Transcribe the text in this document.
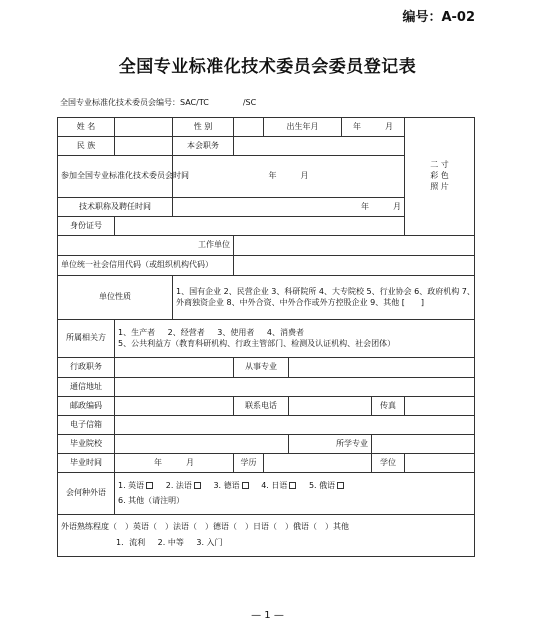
编号：A-02
全国专业标准化技术委员会委员登记表
全国专业标准化技术委员会编号：SAC/TC	/SC
姓 名		性 别		出生年月		年 月		二 寸
彩 色
照 片

民 族		本会职务						
参加全国专业标准化技术委员会时间		年 月						
技术职称及聘任时间		年 月						
身份证号								
工作单位								
单位统一社会信用代码（或组织机构代码）								
单位性质		1、国有企业 2、民营企业 3、科研院所 4、大专院校 5、行业协会 6、政府机构 7、
外商独资企业 8、中外合资、中外合作或外方控股企业 9、其他 [　　]						

所属相关方	1、生产者 2、经营者 3、使用者 4、消费者
5、公共利益方（教育科研机构、行政主管部门、检测及认证机构、社会团体）							

行政职务			从事专业					
通信地址								
邮政编码			联系电话				传真	
电子信箱								
毕业院校					所学专业			
毕业时间	年 月		学历				学位	
会何种外语	1. 英语 2. 法语 3. 德语 4. 日语 5. 俄语
6. 其他（请注明）							

外语熟练程度（　）英语（　）法语（　）德语（　）日语（　）俄语（　）其他
1．流利 2. 中等 3. 入门								
— 1 —
